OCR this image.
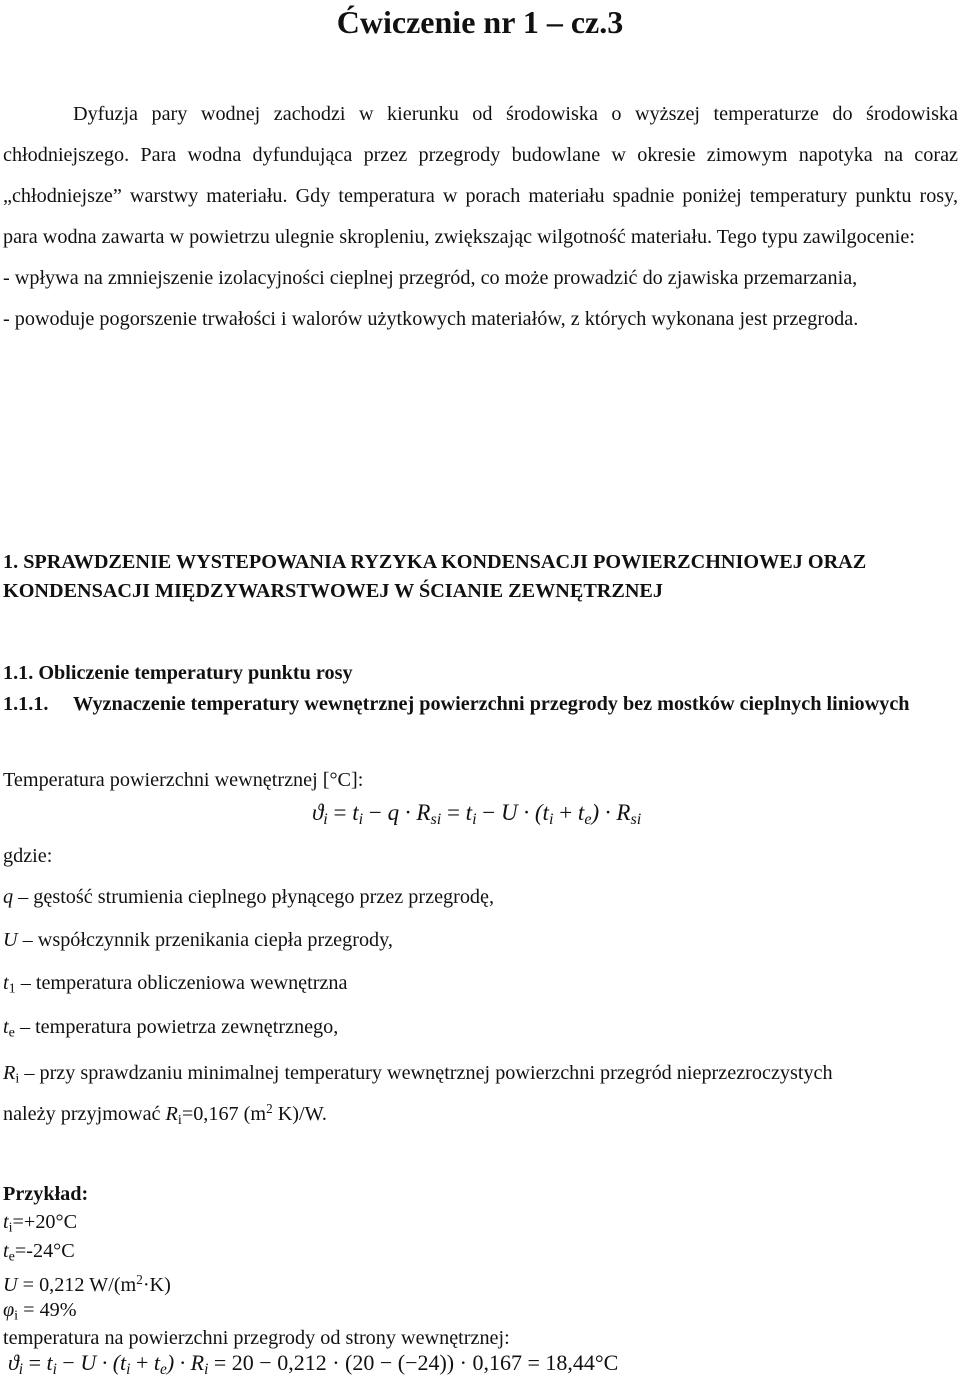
Ćwiczenie nr 1 – cz.3

Dyfuzja pary wodnej zachodzi w kierunku od środowiska o wyższej temperaturze do środowiska chłodniejszego. Para wodna dyfundująca przez przegrody budowlane w okresie zimowym napotyka na coraz „chłodniejsze” warstwy materiału. Gdy temperatura w porach materiału spadnie poniżej temperatury punktu rosy, para wodna zawarta w powietrzu ulegnie skropleniu, zwiększając wilgotność materiału. Tego typu zawilgocenie:
- wpływa na zmniejszenie izolacyjności cieplnej przegród, co może prowadzić do zjawiska przemarzania,
- powoduje pogorszenie trwałości i walorów użytkowych materiałów, z których wykonana jest przegroda.

1. SPRAWDZENIE WYSTEPOWANIA RYZYKA KONDENSACJI POWIERZCHNIOWEJ ORAZ KONDENSACJI MIĘDZYWARSTWOWEJ W ŚCIANIE ZEWNĘTRZNEJ
1.1. Obliczenie temperatury punktu rosy
1.1.1. Wyznaczenie temperatury wewnętrznej powierzchni przegrody bez mostków cieplnych liniowych
Temperatura powierzchni wewnętrznej [°C]:
$ϑ_i = t_i - q \cdot R_{si} = t_i - U \cdot (t_i + t_e) \cdot R_{si}$
gdzie:
q – gęstość strumienia cieplnego płynącego przez przegrodę,
U – współczynnik przenikania ciepła przegrody,
$t_1$ – temperatura obliczeniowa wewnętrzna
$t_e$ – temperatura powietrza zewnętrznego,
$R_i$ – przy sprawdzaniu minimalnej temperatury wewnętrznej powierzchni przegród nieprzezroczystych
należy przyjmować $R_i=0,167$ ($m^2$ K)/W.
Przykład:
$t_i=+20^\circ C$
$t_e=-24^\circ C$
U = 0,212 $W/(m^2\cdot K)$
$\varphi_i = 49\%$
temperatura na powierzchni przegrody od strony wewnętrznej:
$ϑ_i = t_i - U \cdot (t_i + t_e) \cdot R_i = 20 - 0,212 \cdot (20 - (-24)) \cdot 0,167 = 18,44^\circ C$
